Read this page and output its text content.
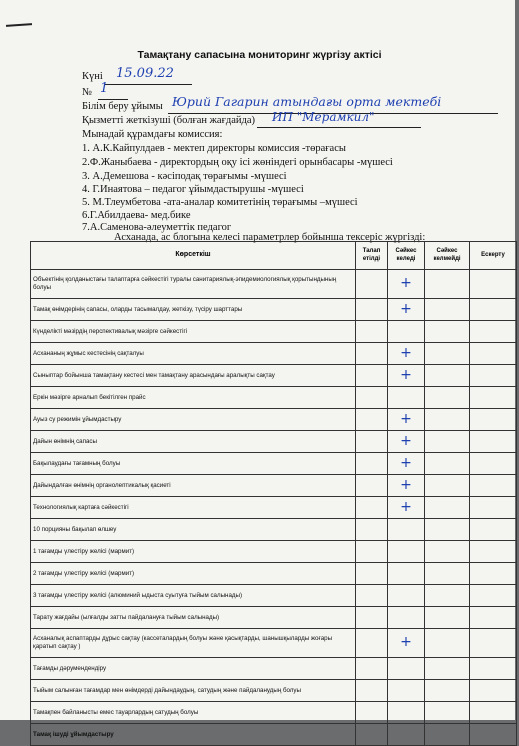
Тамақтану сапасына мониторинг жүргізу актісі
Күні 15.09.22
№ 1
Білім беру ұйымы Юрий Гагарин атындағы орта мектебі
Қызметті жеткізуші (болған жағдайда) ИП "Мерамкил"
Мынадай құрамдағы комиссия:
1. А.К.Кайпулдаев - мектеп директоры комиссия -төрағасы
2.Ф.Жаныбаева - директордың оқу ісі жөніндегі орынбасары -мүшесі
3. А.Демешова - кәсіподақ төрағымы -мүшесі
4. Г.Инаятова – педагог ұйымдастырушы -мүшесі
5. М.Тлеумбетова -ата-аналар комитетінің төрағымы –мүшесі
6.Г.Абилдаева- мед.бике
7.А.Саменова-әлеуметтік педагог
Асханада, ас блогына келесі параметрлер бойынша тексеріс жүргізді:
Көрсеткіш	Талап етілді	Сәйкес келеді	Сәйкес келмейді	Ескерту
Объектінің қолданыстағы талаптарға сәйкестігі туралы санитариялық-эпидемиологиялық қорытындының болуы		+		
Тамақ өнімдерінің сапасы, оларды тасымалдау, жеткізу, түсіру шарттары		+		
Күнделікті мәзірдің перспективалық мәзірге сәйкестігі				
Асхананың жұмыс кестесінің сақталуы		+		
Сыныптар бойынша тамақтану кестесі мен тамақтану арасындағы аралықты сақтау		+		
Еркін мәзірге арналып бекітілген прайс				
Ауыз су режимін ұйымдастыру		+		
Дайын өнімнің сапасы		+		
Бақылаудағы тағамның болуы		+		
Дайындалған өнімнің органолептикалық қасиеті		+		
Технологиялық картаға сәйкестігі		+		
10 порцияны бақылап өлшеу				
1 тағамды үлестіру желісі (мармит)				
2 тағамды үлестіру желісі (мармит)				
3 тағамды үлестіру желісі (алюминий ыдыста суытуға тыйым салынады)				
Тарату жағдайы (ылғалды затты пайдалануға тыйым салынады)				
Асханалық аспаптарды дұрыс сақтау (кассеталардың болуы және қасықтарды, шанышқыларды жоғары қаратып сақтау )		+		
Тағамды дәрумендендіру				
Тыйым салынған тағамдар мен өнімдерді дайындаудың, сатудың және пайдаланудың болуы				
Тамақпен байланысты емес тауарлардың сатудың болуы				
Тамақ ішуді ұйымдастыру				
